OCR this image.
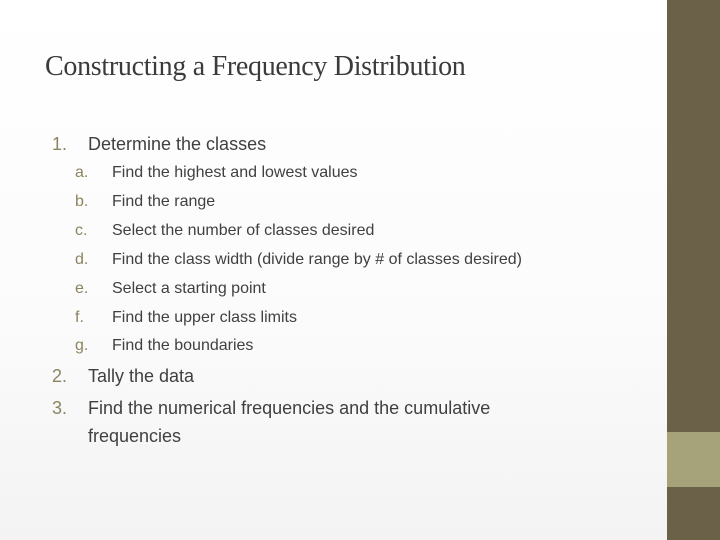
Constructing a Frequency Distribution
1. Determine the classes
a. Find the highest and lowest values
b. Find the range
c. Select the number of classes desired
d. Find the class width (divide range by # of classes desired)
e. Select a starting point
f. Find the upper class limits
g. Find the boundaries
2. Tally the data
3. Find the numerical frequencies and the cumulative
frequencies
